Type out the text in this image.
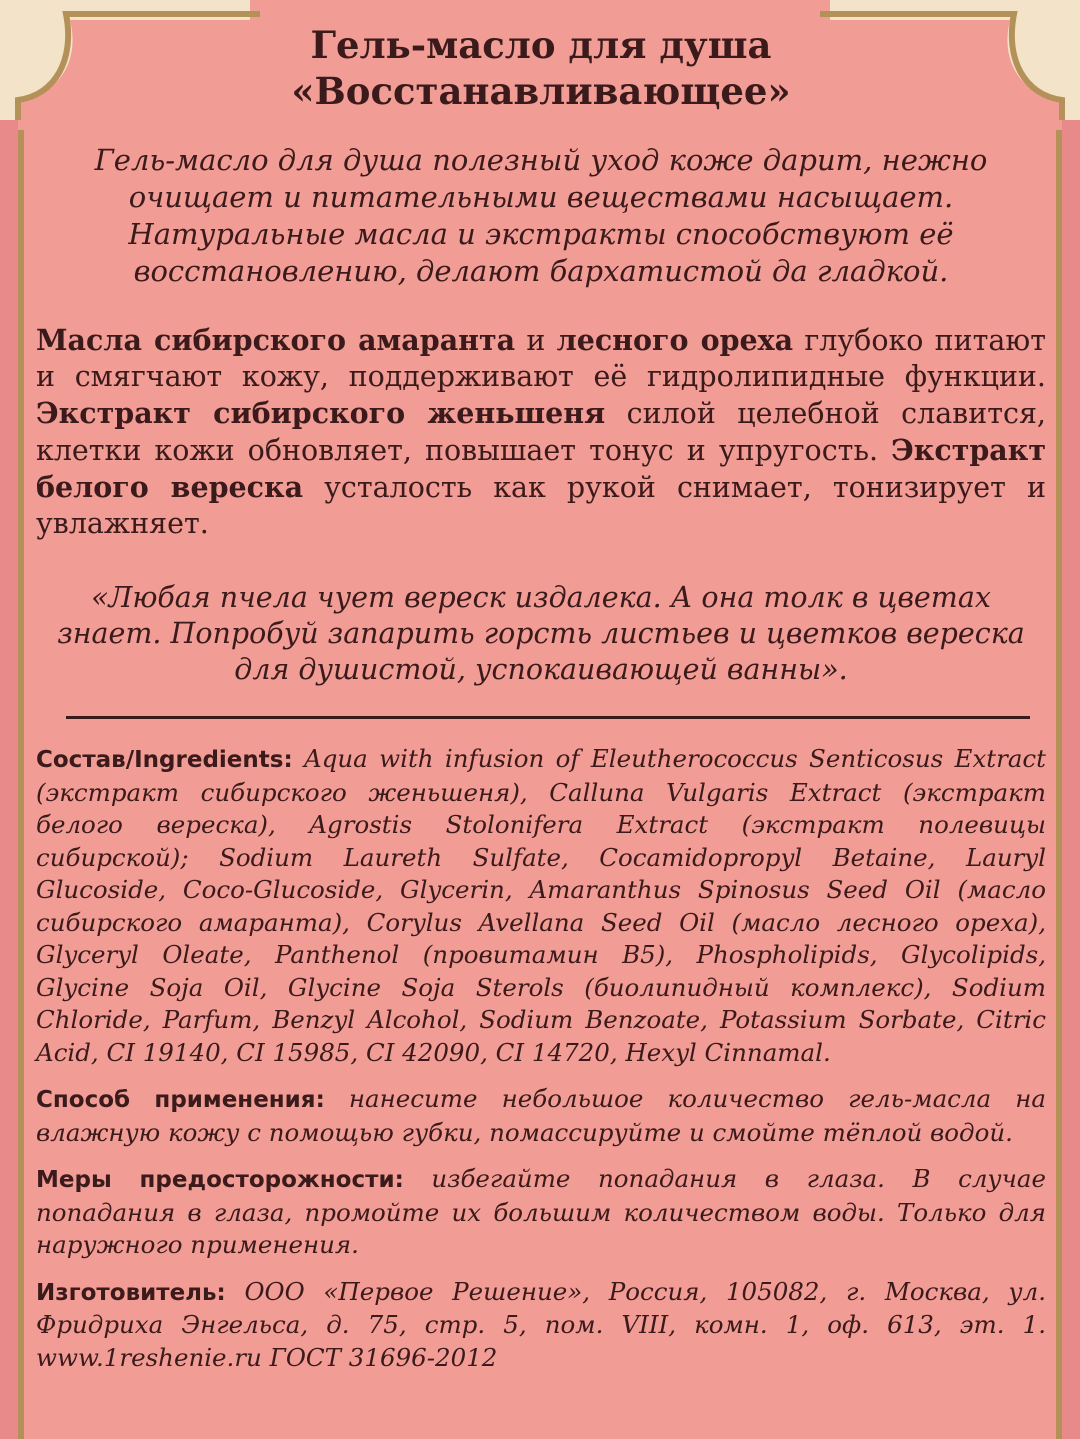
Гель-масло для душа
«Восстанавливающее»

Гель-масло для душа полезный уход коже дарит, нежно очищает и питательными веществами насыщает. Натуральные масла и экстракты способствуют её восстановлению, делают бархатистой да гладкой.

Масла сибирского амаранта и лесного ореха глубоко питают и смягчают кожу, поддерживают её гидролипидные функции. Экстракт сибирского женьшеня силой целебной славится, клетки кожи обновляет, повышает тонус и упругость. Экстракт белого вереска усталость как рукой снимает, тонизирует и увлажняет.

«Любая пчела чует вереск издалека. А она толк в цветах знает. Попробуй запарить горсть листьев и цветков вереска для душистой, успокаивающей ванны».

Состав/Ingredients: Aqua with infusion of Eleutherococcus Senticosus Extract (экстракт сибирского женьшеня), Calluna Vulgaris Extract (экстракт белого вереска), Agrostis Stolonifera Extract (экстракт полевицы сибирской); Sodium Laureth Sulfate, Cocamidopropyl Betaine, Lauryl Glucoside, Coco-Glucoside, Glycerin, Amaranthus Spinosus Seed Oil (масло сибирского амаранта), Corylus Avellana Seed Oil (масло лесного ореха), Glyceryl Oleate, Panthenol (провитамин B5), Phospholipids, Glycolipids, Glycine Soja Oil, Glycine Soja Sterols (биолипидный комплекс), Sodium Chloride, Parfum, Benzyl Alcohol, Sodium Benzoate, Potassium Sorbate, Citric Acid, CI 19140, CI 15985, CI 42090, CI 14720, Hexyl Cinnamal.

Способ применения: нанесите небольшое количество гель-масла на влажную кожу с помощью губки, помассируйте и смойте тёплой водой.

Меры предосторожности: избегайте попадания в глаза. В случае попадания в глаза, промойте их большим количеством воды. Только для наружного применения.

Изготовитель: ООО «Первое Решение», Россия, 105082, г. Москва, ул. Фридриха Энгельса, д. 75, стр. 5, пом. VIII, комн. 1, оф. 613, эт. 1. www.1reshenie.ru ГОСТ 31696-2012
